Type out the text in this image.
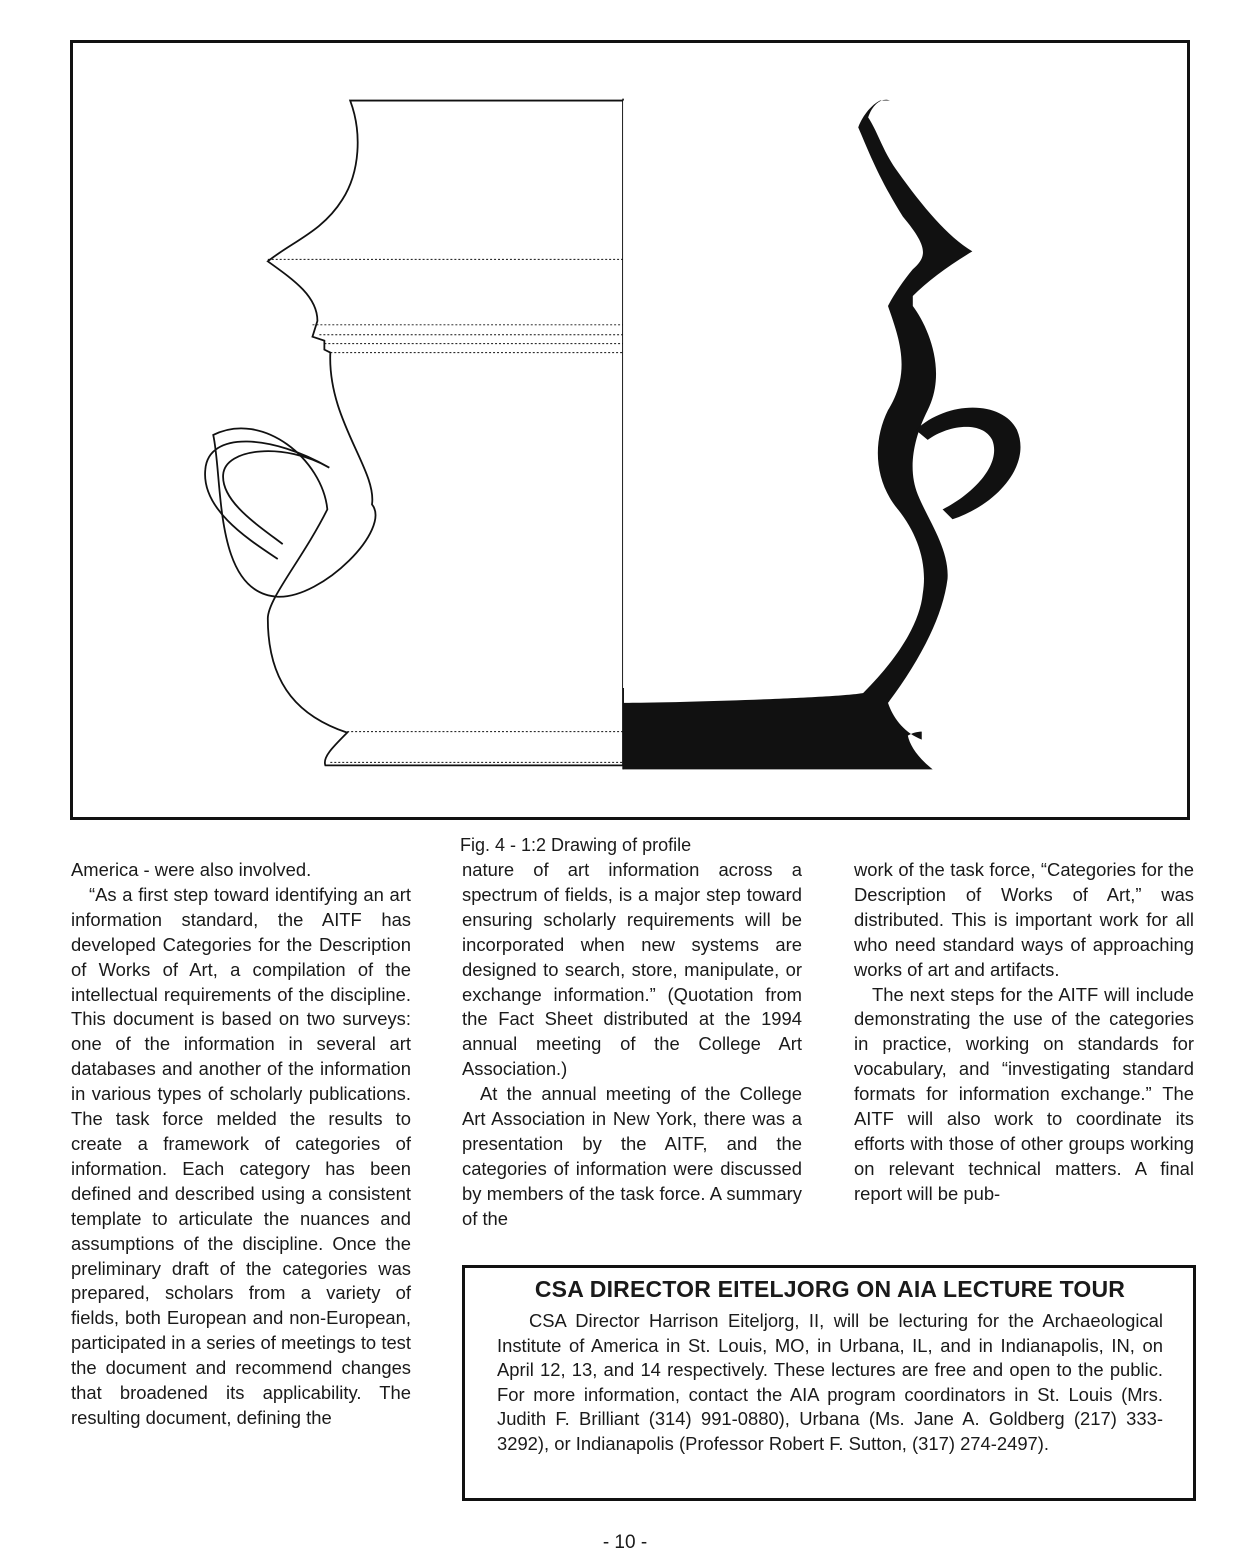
Fig. 4 - 1:2 Drawing of profile

America - were also involved.

“As a first step toward identifying an art information standard, the AITF has developed Categories for the Description of Works of Art, a compilation of the intellectual requirements of the discipline. This document is based on two surveys: one of the information in several art databases and another of the information in various types of scholarly publications. The task force melded the results to create a framework of categories of information. Each category has been defined and described using a consistent template to articulate the nuances and assumptions of the discipline. Once the preliminary draft of the categories was prepared, scholars from a variety of fields, both European and non-European, participated in a series of meetings to test the document and recommend changes that broadened its applicability. The resulting document, defining the

nature of art information across a spectrum of fields, is a major step toward ensuring scholarly requirements will be incorporated when new systems are designed to search, store, manipulate, or exchange information.” (Quotation from the Fact Sheet distributed at the 1994 annual meeting of the College Art Association.)

At the annual meeting of the College Art Association in New York, there was a presentation by the AITF, and the categories of information were discussed by members of the task force. A summary of the

work of the task force, “Categories for the Description of Works of Art,” was distributed. This is important work for all who need standard ways of approaching works of art and artifacts.

The next steps for the AITF will include demonstrating the use of the categories in practice, working on standards for vocabulary, and “investigating standard formats for information exchange.” The AITF will also work to coordinate its efforts with those of other groups working on relevant technical matters. A final report will be pub-

CSA DIRECTOR EITELJORG ON AIA LECTURE TOUR

CSA Director Harrison Eiteljorg, II, will be lecturing for the Archaeological Institute of America in St. Louis, MO, in Urbana, IL, and in Indianapolis, IN, on April 12, 13, and 14 respectively. These lectures are free and open to the public. For more information, contact the AIA program coordinators in St. Louis (Mrs. Judith F. Brilliant (314) 991-0880), Urbana (Ms. Jane A. Goldberg (217) 333-3292), or Indianapolis (Professor Robert F. Sutton, (317) 274-2497).

- 10 -
